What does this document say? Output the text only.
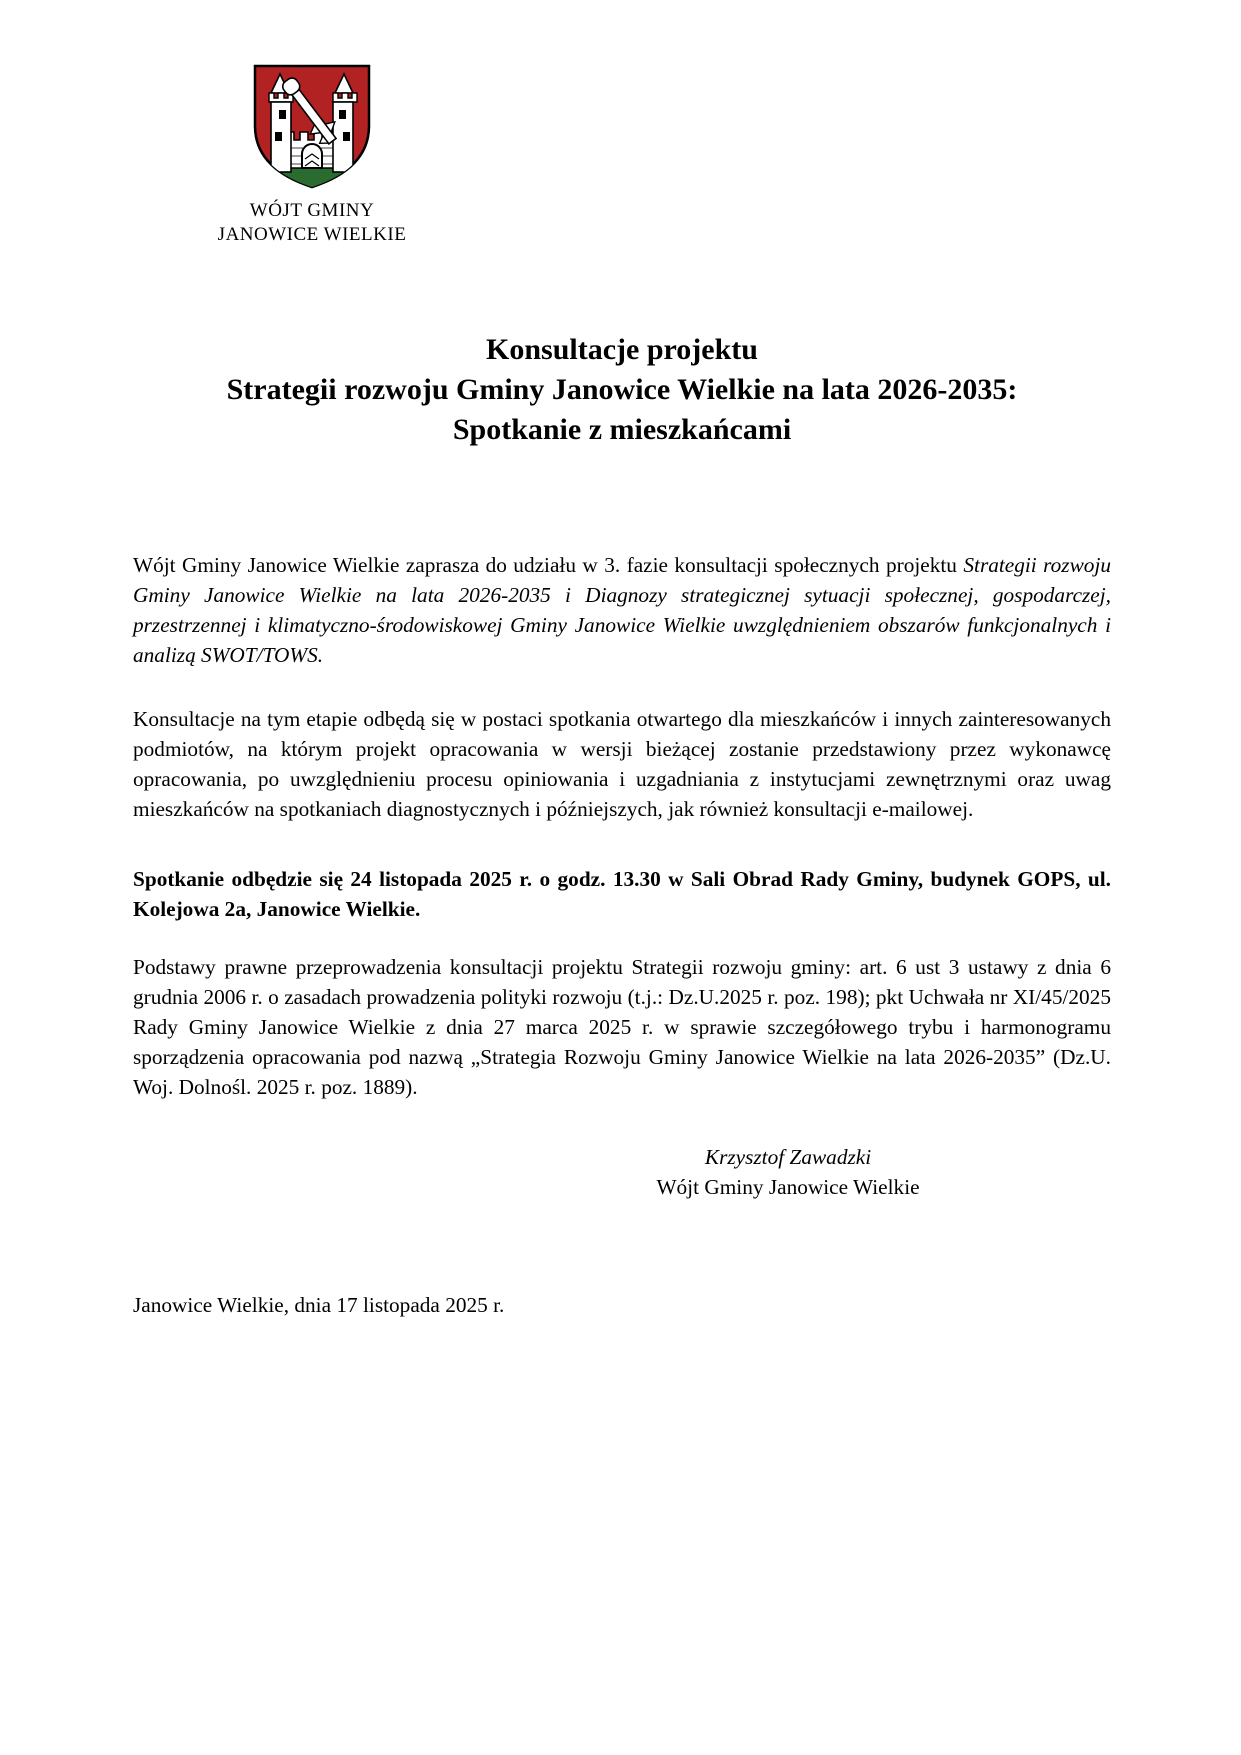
WÓJT GMINY
JANOWICE WIELKIE
Konsultacje projektu
Strategii rozwoju Gminy Janowice Wielkie na lata 2026-2035:
Spotkanie z mieszkańcami

Wójt Gminy Janowice Wielkie zaprasza do udziału w 3. fazie konsultacji społecznych projektu Strategii rozwoju Gminy Janowice Wielkie na lata 2026-2035 i Diagnozy strategicznej sytuacji społecznej, gospodarczej, przestrzennej i klimatyczno-środowiskowej Gminy Janowice Wielkie uwzględnieniem obszarów funkcjonalnych i analizą SWOT/TOWS.

Konsultacje na tym etapie odbędą się w postaci spotkania otwartego dla mieszkańców i innych zainteresowanych podmiotów, na którym projekt opracowania w wersji bieżącej zostanie przedstawiony przez wykonawcę opracowania, po uwzględnieniu procesu opiniowania i uzgadniania z instytucjami zewnętrznymi oraz uwag mieszkańców na spotkaniach diagnostycznych i późniejszych, jak również konsultacji e-mailowej.

Spotkanie odbędzie się 24 listopada 2025 r. o godz. 13.30 w Sali Obrad Rady Gminy, budynek GOPS, ul. Kolejowa 2a, Janowice Wielkie.

Podstawy prawne przeprowadzenia konsultacji projektu Strategii rozwoju gminy: art. 6 ust 3 ustawy z dnia 6 grudnia 2006 r. o zasadach prowadzenia polityki rozwoju (t.j.: Dz.U.2025 r. poz. 198); pkt Uchwała nr XI/45/2025 Rady Gminy Janowice Wielkie z dnia 27 marca 2025 r. w sprawie szczegółowego trybu i harmonogramu sporządzenia opracowania pod nazwą „Strategia Rozwoju Gminy Janowice Wielkie na lata 2026-2035” (Dz.U. Woj. Dolnośl. 2025 r. poz. 1889).

Krzysztof Zawadzki
Wójt Gminy Janowice Wielkie
Janowice Wielkie, dnia 17 listopada 2025 r.
